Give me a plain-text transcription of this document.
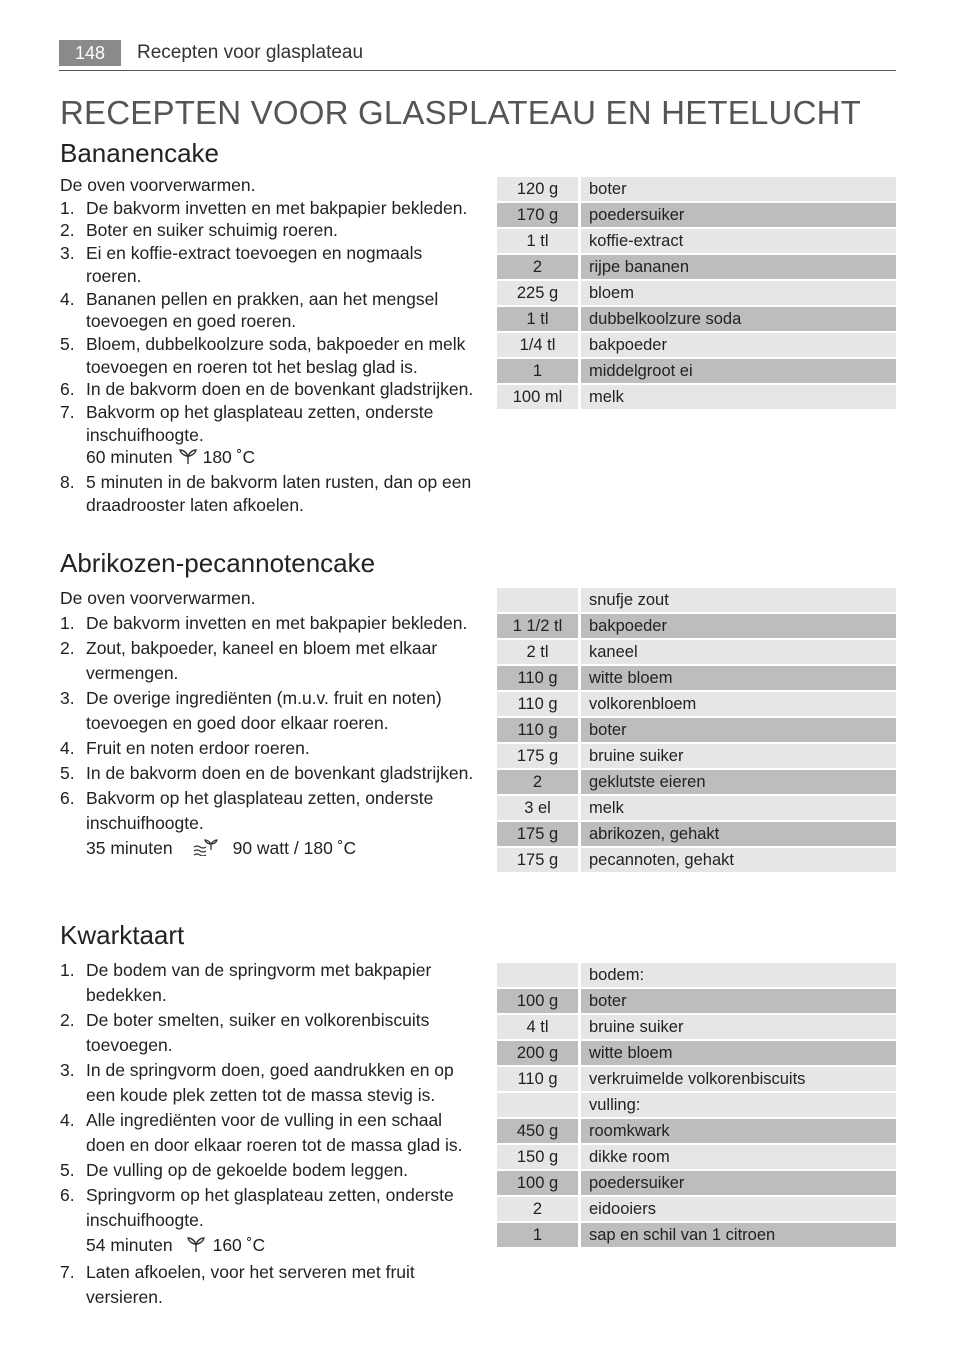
148	Recepten voor glasplateau
RECEPTEN VOOR GLASPLATEAU EN HETELUCHT
Bananencake

De oven voorverwarmen.

1. De bakvorm invetten en met bakpapier bekleden.
2. Boter en suiker schuimig roeren.
3. Ei en koffie-extract toevoegen en nogmaals roeren.
4. Bananen pellen en prakken, aan het mengsel toevoegen en goed roeren.
5. Bloem, dubbelkoolzure soda, bakpoeder en melk toevoegen en roeren tot het beslag glad is.
6. In de bakvorm doen en de bovenkant gladstrijken.
7. Bakvorm op het glasplateau zetten, onderste inschuifhoogte.
60 minuten 180 ˚C
8. 5 minuten in de bakvorm laten rusten, dan op een draadrooster laten afkoelen.
120 g	boter
170 g	poedersuiker
1 tl	koffie-extract
2	rijpe bananen
225 g	bloem
1 tl	dubbelkoolzure soda
1/4 tl	bakpoeder
1	middelgroot ei
100 ml	melk
Abrikozen-pecannotencake

De oven voorverwarmen.

1. De bakvorm invetten en met bakpapier bekleden.
2. Zout, bakpoeder, kaneel en bloem met elkaar vermengen.
3. De overige ingrediënten (m.u.v. fruit en noten) toevoegen en goed door elkaar roeren.
4. Fruit en noten erdoor roeren.
5. In de bakvorm doen en de bovenkant gladstrijken.
6. Bakvorm op het glasplateau zetten, onderste inschuifhoogte.
35 minuten	90 watt / 180 ˚C
	snufje zout
1 1/2 tl	bakpoeder
2 tl	kaneel
110 g	witte bloem
110 g	volkorenbloem
110 g	boter
175 g	bruine suiker
2	geklutste eieren
3 el	melk
175 g	abrikozen, gehakt
175 g	pecannoten, gehakt
Kwarktaart
1. De bodem van de springvorm met bakpapier bedekken.
2. De boter smelten, suiker en volkorenbiscuits toevoegen.
3. In de springvorm doen, goed aandrukken en op een koude plek zetten tot de massa stevig is.
4. Alle ingrediënten voor de vulling in een schaal doen en door elkaar roeren tot de massa glad is.
5. De vulling op de gekoelde bodem leggen.
6. Springvorm op het glasplateau zetten, onderste inschuifhoogte.
54 minuten 160 ˚C
7. Laten afkoelen, voor het serveren met fruit versieren.
	bodem:
100 g	boter
4 tl	bruine suiker
200 g	witte bloem
110 g	verkruimelde volkorenbiscuits
	vulling:
450 g	roomkwark
150 g	dikke room
100 g	poedersuiker
2	eidooiers
1	sap en schil van 1 citroen
